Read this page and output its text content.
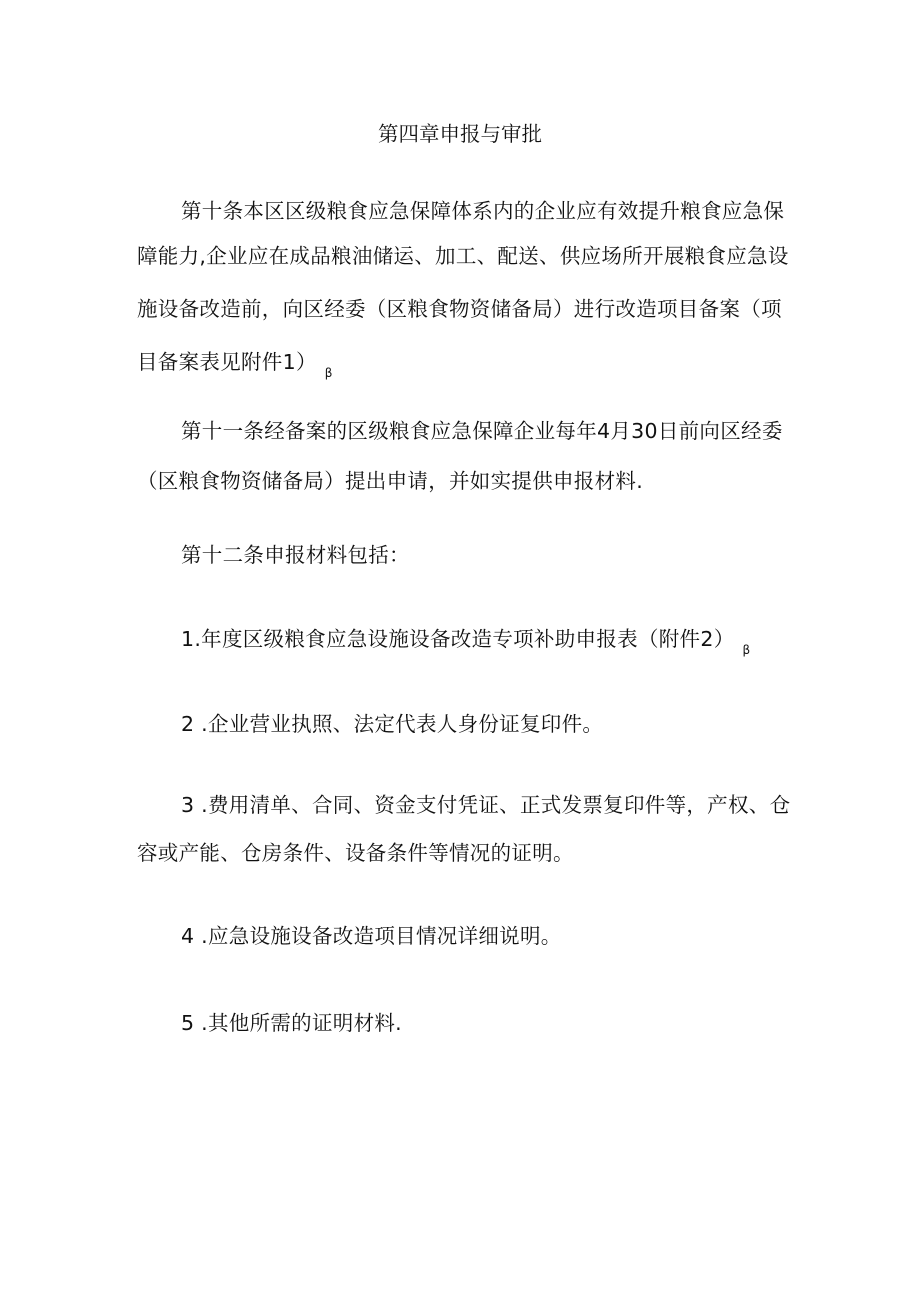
第四章申报与审批
第十条本区区级粮食应急保障体系内的企业应有效提升粮食应急保
障能力,企业应在成品粮油储运、加工、配送、供应场所开展粮食应急设
施设备改造前，向区经委（区粮食物资储备局）进行改造项目备案（项
目备案表见附件1） $_\beta$
第十一条经备案的区级粮食应急保障企业每年4月30日前向区经委
（区粮食物资储备局）提出申请，并如实提供申报材料.
第十二条申报材料包括：
1.年度区级粮食应急设施设备改造专项补助申报表（附件2） $_\beta$
2 .企业营业执照、法定代表人身份证复印件。
3 .费用清单、合同、资金支付凭证、正式发票复印件等，产权、仓
容或产能、仓房条件、设备条件等情况的证明。
4 .应急设施设备改造项目情况详细说明。
5 .其他所需的证明材料.
